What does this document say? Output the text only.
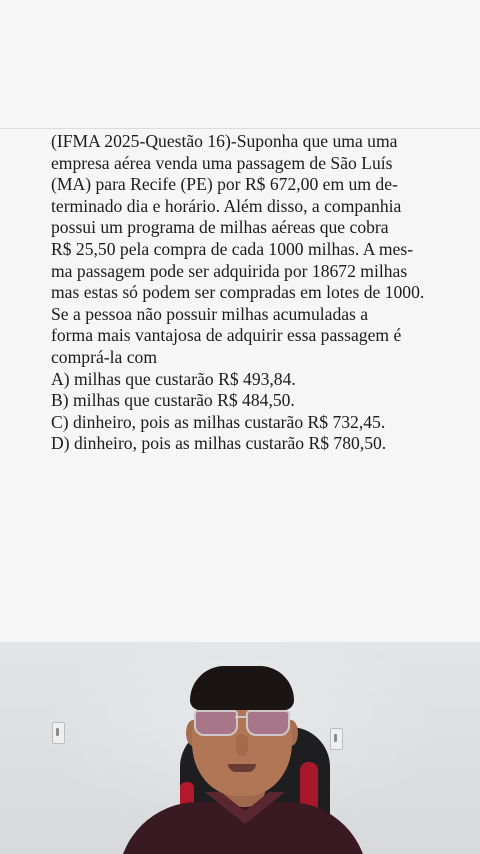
(IFMA 2025-Questão 16)-Suponha que uma uma
empresa aérea venda uma passagem de São Luís
(MA) para Recife (PE) por R$ 672,00 em um de-
terminado dia e horário. Além disso, a companhia
possui um programa de milhas aéreas que cobra
R$ 25,50 pela compra de cada 1000 milhas. A mes-
ma passagem pode ser adquirida por 18672 milhas
mas estas só podem ser compradas em lotes de 1000.
Se a pessoa não possuir milhas acumuladas a
forma mais vantajosa de adquirir essa passagem é
comprá-la com
A) milhas que custarão R$ 493,84.
B) milhas que custarão R$ 484,50.
C) dinheiro, pois as milhas custarão R$ 732,45.
D) dinheiro, pois as milhas custarão R$ 780,50.
